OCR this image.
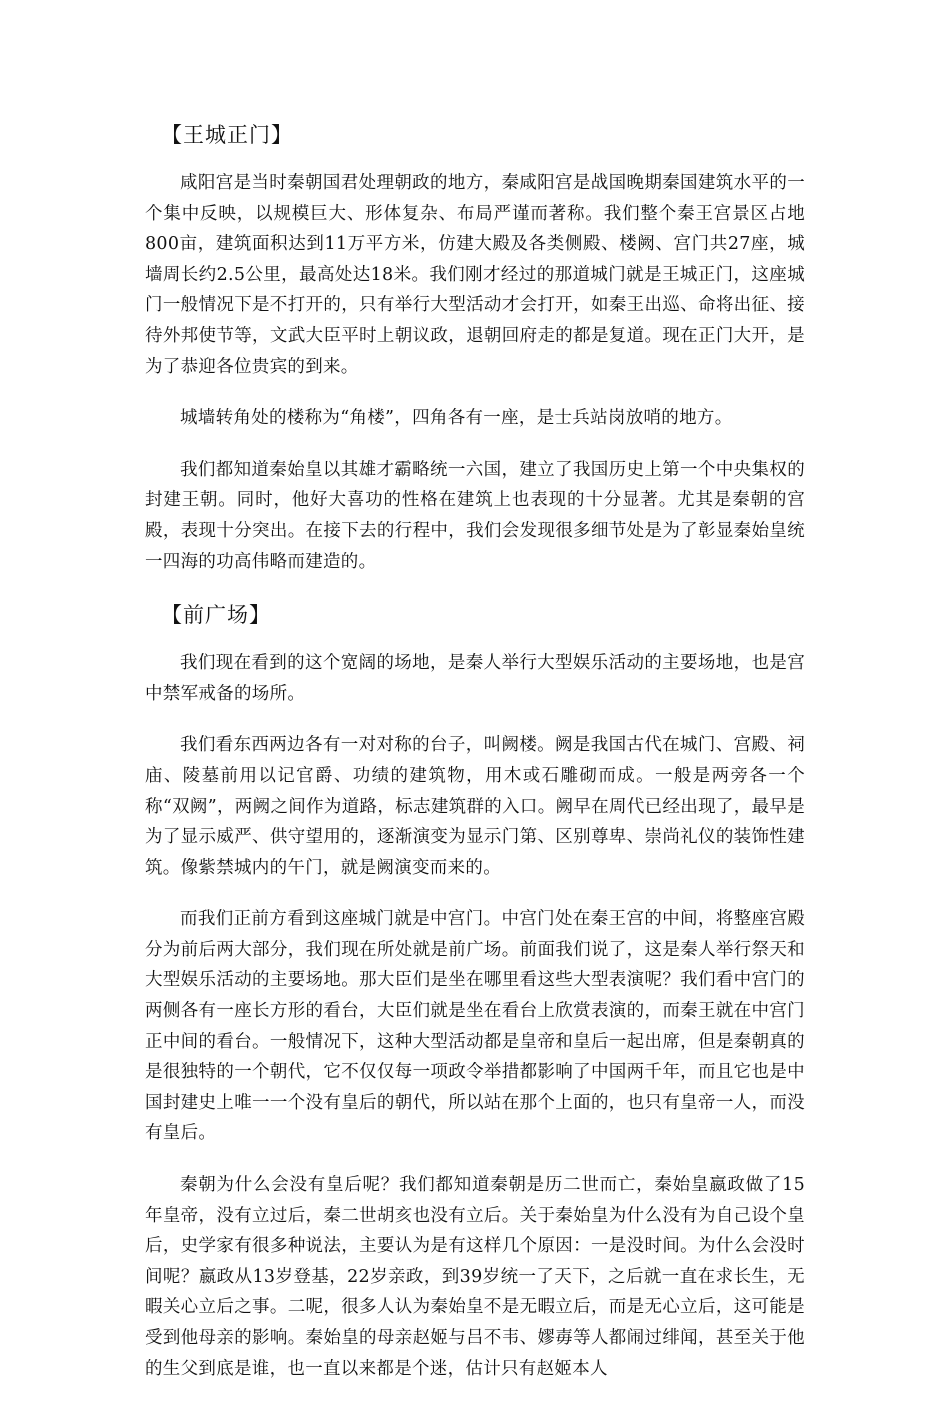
【王城正门】

咸阳宫是当时秦朝国君处理朝政的地方，秦咸阳宫是战国晚期秦国建筑水平的一个集中反映，以规模巨大、形体复杂、布局严谨而著称。我们整个秦王宫景区占地800亩，建筑面积达到11万平方米，仿建大殿及各类侧殿、楼阙、宫门共27座，城墙周长约2.5公里，最高处达18米。我们刚才经过的那道城门就是王城正门，这座城门一般情况下是不打开的，只有举行大型活动才会打开，如秦王出巡、命将出征、接待外邦使节等，文武大臣平时上朝议政，退朝回府走的都是复道。现在正门大开，是为了恭迎各位贵宾的到来。

城墙转角处的楼称为“角楼”，四角各有一座，是士兵站岗放哨的地方。

我们都知道秦始皇以其雄才霸略统一六国，建立了我国历史上第一个中央集权的封建王朝。同时，他好大喜功的性格在建筑上也表现的十分显著。尤其是秦朝的宫殿，表现十分突出。在接下去的行程中，我们会发现很多细节处是为了彰显秦始皇统一四海的功高伟略而建造的。

【前广场】

我们现在看到的这个宽阔的场地，是秦人举行大型娱乐活动的主要场地，也是宫中禁军戒备的场所。

我们看东西两边各有一对对称的台子，叫阙楼。阙是我国古代在城门、宫殿、祠庙、陵墓前用以记官爵、功绩的建筑物，用木或石雕砌而成。一般是两旁各一个称“双阙”，两阙之间作为道路，标志建筑群的入口。阙早在周代已经出现了，最早是为了显示威严、供守望用的，逐渐演变为显示门第、区别尊卑、崇尚礼仪的装饰性建筑。像紫禁城内的午门，就是阙演变而来的。

而我们正前方看到这座城门就是中宫门。中宫门处在秦王宫的中间，将整座宫殿分为前后两大部分，我们现在所处就是前广场。前面我们说了，这是秦人举行祭天和大型娱乐活动的主要场地。那大臣们是坐在哪里看这些大型表演呢？我们看中宫门的两侧各有一座长方形的看台，大臣们就是坐在看台上欣赏表演的，而秦王就在中宫门正中间的看台。一般情况下，这种大型活动都是皇帝和皇后一起出席，但是秦朝真的是很独特的一个朝代，它不仅仅每一项政令举措都影响了中国两千年，而且它也是中国封建史上唯一一个没有皇后的朝代，所以站在那个上面的，也只有皇帝一人，而没有皇后。

秦朝为什么会没有皇后呢？我们都知道秦朝是历二世而亡，秦始皇嬴政做了15年皇帝，没有立过后，秦二世胡亥也没有立后。关于秦始皇为什么没有为自己设个皇后，史学家有很多种说法，主要认为是有这样几个原因：一是没时间。为什么会没时间呢？嬴政从13岁登基，22岁亲政，到39岁统一了天下，之后就一直在求长生，无暇关心立后之事。二呢，很多人认为秦始皇不是无暇立后，而是无心立后，这可能是受到他母亲的影响。秦始皇的母亲赵姬与吕不韦、嫪毐等人都闹过绯闻，甚至关于他的生父到底是谁，也一直以来都是个迷，估计只有赵姬本人
